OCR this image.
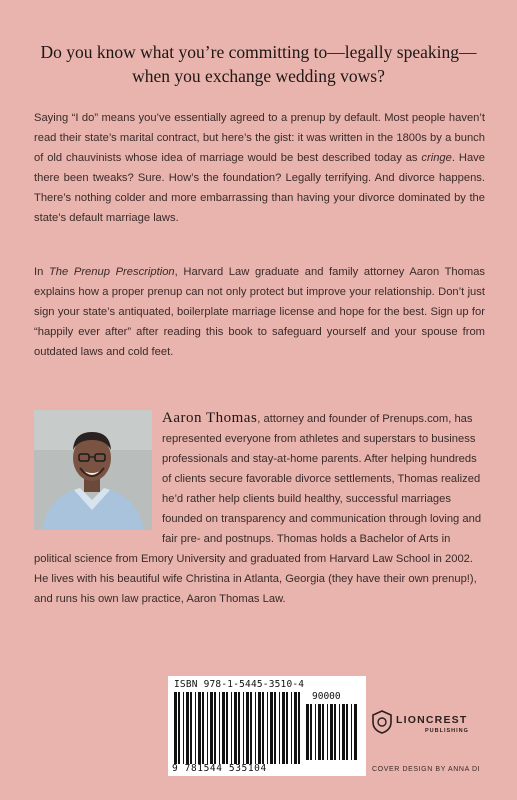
Do you know what you’re committing to—legally speaking—when you exchange wedding vows?
Saying “I do” means you’ve essentially agreed to a prenup by default. Most people haven’t read their state’s marital contract, but here’s the gist: it was written in the 1800s by a bunch of old chauvinists whose idea of marriage would be best described today as cringe. Have there been tweaks? Sure. How’s the foundation? Legally terrifying. And divorce happens. There’s nothing colder and more embarrassing than having your divorce dominated by the state’s default marriage laws.
In The Prenup Prescription, Harvard Law graduate and family attorney Aaron Thomas explains how a proper prenup can not only protect but improve your relationship. Don’t just sign your state’s antiquated, boilerplate marriage license and hope for the best. Sign up for “happily ever after” after reading this book to safeguard yourself and your spouse from outdated laws and cold feet.
Aaron Thomas, attorney and founder of Prenups.com, has represented everyone from athletes and superstars to business professionals and stay-at-home parents. After helping hundreds of clients secure favorable divorce settlements, Thomas realized he’d rather help clients build healthy, successful marriages founded on transparency and communication through loving and fair pre- and postnups. Thomas holds a Bachelor of Arts in political science from Emory University and graduated from Harvard Law School in 2002. He lives with his beautiful wife Christina in Atlanta, Georgia (they have their own prenup!), and runs his own law practice, Aaron Thomas Law.
ISBN 978-1-5445-3510-4
90000
9 781544 535104
LIONCREST
PUBLISHING
COVER DESIGN BY ANNA DI
